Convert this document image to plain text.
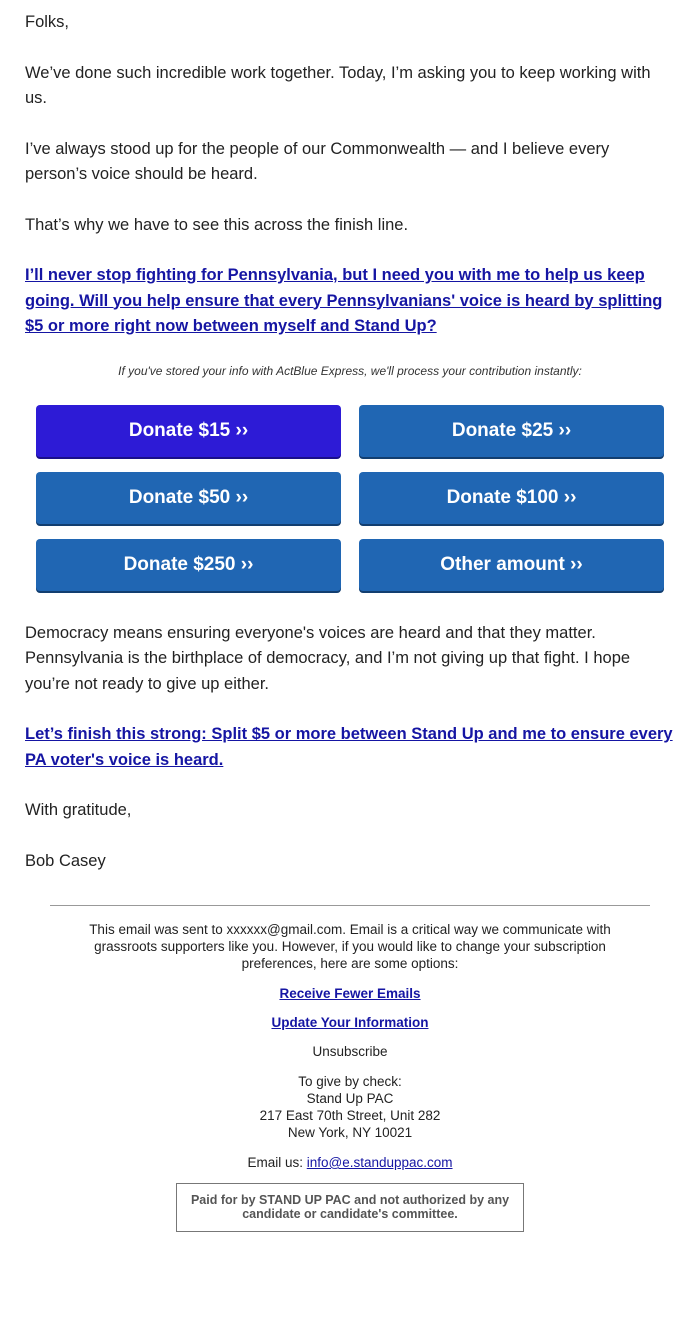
Folks,

We’ve done such incredible work together. Today, I’m asking you to keep working with us.

I’ve always stood up for the people of our Commonwealth — and I believe every person’s voice should be heard.

That’s why we have to see this across the finish line.

I’ll never stop fighting for Pennsylvania, but I need you with me to help us keep going. Will you help ensure that every Pennsylvanians' voice is heard by splitting $5 or more right now between myself and Stand Up?
If you've stored your info with ActBlue Express, we'll process your contribution instantly:
Donate $15 ››	Donate $25 ››
Donate $50 ››	Donate $100 ››
Donate $250 ››	Other amount ››

Democracy means ensuring everyone's voices are heard and that they matter. Pennsylvania is the birthplace of democracy, and I’m not giving up that fight. I hope you’re not ready to give up either.

Let’s finish this strong: Split $5 or more between Stand Up and me to ensure every PA voter's voice is heard.

With gratitude,

Bob Casey

This email was sent to xxxxxx@gmail.com. Email is a critical way we communicate with grassroots supporters like you. However, if you would like to change your subscription preferences, here are some options:

Receive Fewer Emails
Update Your Information
Unsubscribe
To give by check:
Stand Up PAC
217 East 70th Street, Unit 282
New York, NY 10021

Email us: info@e.standuppac.com

Paid for by STAND UP PAC and not authorized by any candidate or candidate's committee.
